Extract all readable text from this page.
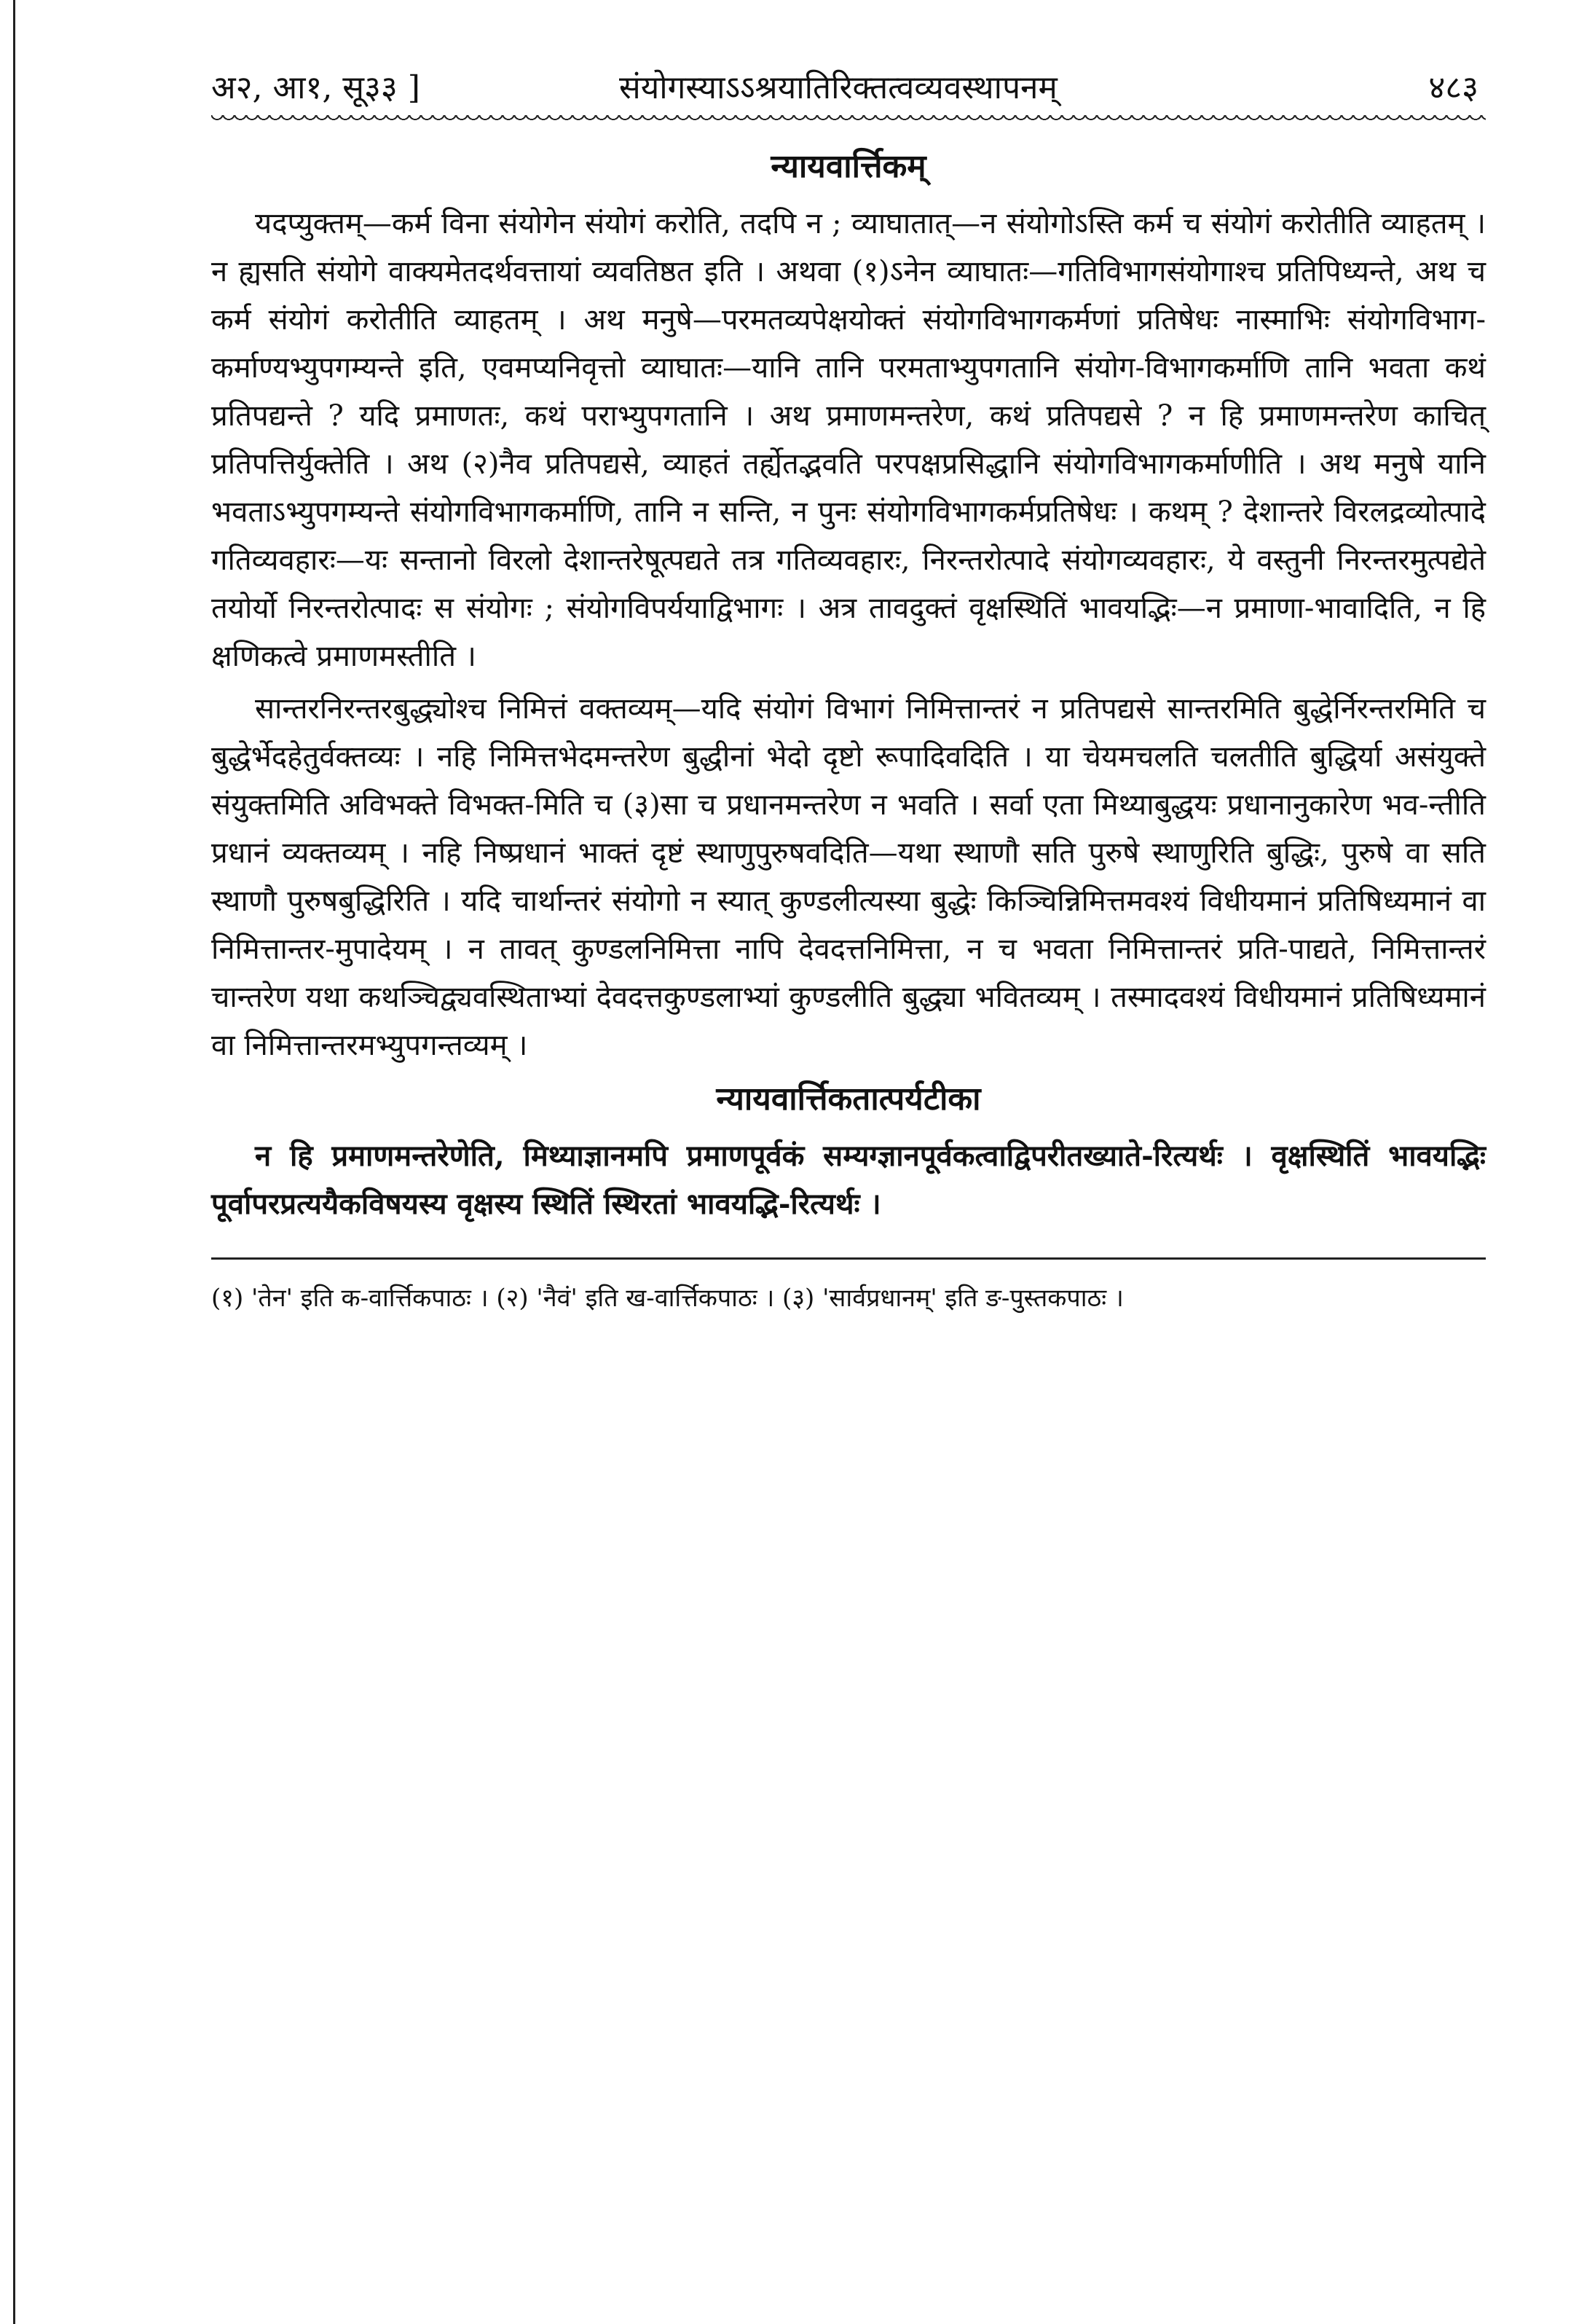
अ२, आ१, सू३३ ]	संयोगस्याऽऽश्रयातिरिक्तत्वव्यवस्थापनम्	४८३
न्यायवार्त्तिकम्

यदप्युक्तम्—कर्म विना संयोगेन संयोगं करोति, तदपि न ; व्याघातात्—न संयोगोऽस्ति कर्म च संयोगं करोतीति व्याहतम् । न ह्यसति संयोगे वाक्यमेतदर्थवत्तायां व्यवतिष्ठत इति । अथवा (१)ऽनेन व्याघातः—गतिविभागसंयोगाश्च प्रतिपिध्यन्ते, अथ च कर्म संयोगं करोतीति व्याहतम् । अथ मनुषे—परमतव्यपेक्षयोक्तं संयोगविभागकर्मणां प्रतिषेधः नास्माभिः संयोगविभाग-कर्माण्यभ्युपगम्यन्ते इति, एवमप्यनिवृत्तो व्याघातः—यानि तानि परमताभ्युपगतानि संयोग-विभागकर्माणि तानि भवता कथं प्रतिपद्यन्ते ? यदि प्रमाणतः, कथं पराभ्युपगतानि । अथ प्रमाणमन्तरेण, कथं प्रतिपद्यसे ? न हि प्रमाणमन्तरेण काचित् प्रतिपत्तिर्युक्तेति । अथ (२)नैव प्रतिपद्यसे, व्याहतं तर्ह्येतद्भवति परपक्षप्रसिद्धानि संयोगविभागकर्माणीति । अथ मनुषे यानि भवताऽभ्युपगम्यन्ते संयोगविभागकर्माणि, तानि न सन्ति, न पुनः संयोगविभागकर्मप्रतिषेधः । कथम् ? देशान्तरे विरलद्रव्योत्पादे गतिव्यवहारः—यः सन्तानो विरलो देशान्तरेषूत्पद्यते तत्र गतिव्यवहारः, निरन्तरोत्पादे संयोगव्यवहारः, ये वस्तुनी निरन्तरमुत्पद्येते तयोर्यो निरन्तरोत्पादः स संयोगः ; संयोगविपर्ययाद्विभागः । अत्र तावदुक्तं वृक्षस्थितिं भावयद्भिः—न प्रमाणा-भावादिति, न हि क्षणिकत्वे प्रमाणमस्तीति ।

सान्तरनिरन्तरबुद्ध्योश्च निमित्तं वक्तव्यम्—यदि संयोगं विभागं निमित्तान्तरं न प्रतिपद्यसे सान्तरमिति बुद्धेर्निरन्तरमिति च बुद्धेर्भेदहेतुर्वक्तव्यः । नहि निमित्तभेदमन्तरेण बुद्धीनां भेदो दृष्टो रूपादिवदिति । या चेयमचलति चलतीति बुद्धिर्या असंयुक्ते संयुक्तमिति अविभक्ते विभक्त-मिति च (३)सा च प्रधानमन्तरेण न भवति । सर्वा एता मिथ्याबुद्धयः प्रधानानुकारेण भव-न्तीति प्रधानं व्यक्तव्यम् । नहि निष्प्रधानं भाक्तं दृष्टं स्थाणुपुरुषवदिति—यथा स्थाणौ सति पुरुषे स्थाणुरिति बुद्धिः, पुरुषे वा सति स्थाणौ पुरुषबुद्धिरिति । यदि चार्थान्तरं संयोगो न स्यात् कुण्डलीत्यस्या बुद्धेः किञ्चिन्निमित्तमवश्यं विधीयमानं प्रतिषिध्यमानं वा निमित्तान्तर-मुपादेयम् । न तावत् कुण्डलनिमित्ता नापि देवदत्तनिमित्ता, न च भवता निमित्तान्तरं प्रति-पाद्यते, निमित्तान्तरं चान्तरेण यथा कथञ्चिद्व्यवस्थिताभ्यां देवदत्तकुण्डलाभ्यां कुण्डलीति बुद्ध्या भवितव्यम् । तस्मादवश्यं विधीयमानं प्रतिषिध्यमानं वा निमित्तान्तरमभ्युपगन्तव्यम् ।

न्यायवार्त्तिकतात्पर्यटीका

न हि प्रमाणमन्तरेणेति, मिथ्याज्ञानमपि प्रमाणपूर्वकं सम्यग्ज्ञानपूर्वकत्वाद्विपरीतख्याते-रित्यर्थः । वृक्षस्थितिं भावयद्भिः पूर्वापरप्रत्ययैकविषयस्य वृक्षस्य स्थितिं स्थिरतां भावयद्भि-रित्यर्थः ।

(१) 'तेन' इति क-वार्त्तिकपाठः । (२) 'नैवं' इति ख-वार्त्तिकपाठः । (३) 'सार्वप्रधानम्' इति ङ-पुस्तकपाठः ।
